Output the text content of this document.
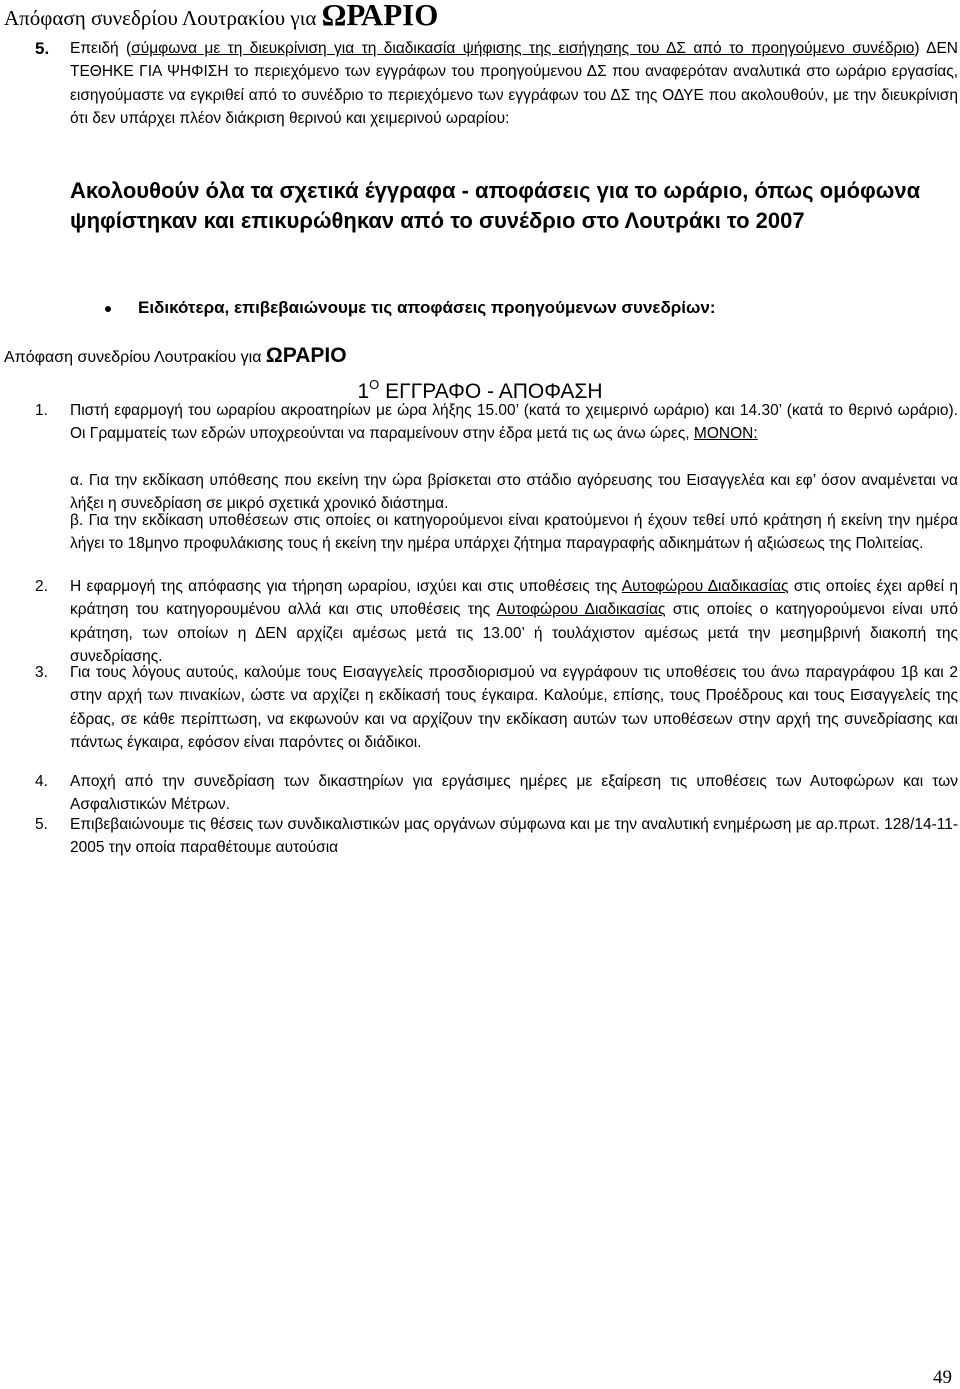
Απόφαση συνεδρίου Λουτρακίου για ΩΡΑΡΙΟ
5. Επειδή (σύμφωνα με τη διευκρίνιση για τη διαδικασία ψήφισης της εισήγησης του ΔΣ από το προηγούμενο συνέδριο) ΔΕΝ ΤΕΘΗΚΕ ΓΙΑ ΨΗΦΙΣΗ το περιεχόμενο των εγγράφων του προηγούμενου ΔΣ που αναφερόταν αναλυτικά στο ωράριο εργασίας, εισηγούμαστε να εγκριθεί από το συνέδριο το περιεχόμενο των εγγράφων του ΔΣ της ΟΔΥΕ που ακολουθούν, με την διευκρίνιση ότι δεν υπάρχει πλέον διάκριση θερινού και χειμερινού ωραρίου:
Ακολουθούν όλα τα σχετικά έγγραφα - αποφάσεις για το ωράριο, όπως ομόφωνα ψηφίστηκαν και επικυρώθηκαν από το συνέδριο στο Λουτράκι το 2007
Ειδικότερα, επιβεβαιώνουμε τις αποφάσεις προηγούμενων συνεδρίων:
Απόφαση συνεδρίου Λουτρακίου για ΩΡΑΡΙΟ
$1^O$ ΕΓΓΡΑΦΟ - ΑΠΟΦΑΣΗ
1. Πιστή εφαρμογή του ωραρίου ακροατηρίων με ώρα λήξης 15.00’ (κατά το χειμερινό ωράριο) και 14.30’ (κατά το θερινό ωράριο). Οι Γραμματείς των εδρών υποχρεούνται να παραμείνουν στην έδρα μετά τις ως άνω ώρες, ΜΟΝΟΝ:
α. Για την εκδίκαση υπόθεσης που εκείνη την ώρα βρίσκεται στο στάδιο αγόρευσης του Εισαγγελέα και εφ’ όσον αναμένεται να λήξει η συνεδρίαση σε μικρό σχετικά χρονικό διάστημα.
β. Για την εκδίκαση υποθέσεων στις οποίες οι κατηγορούμενοι είναι κρατούμενοι ή έχουν τεθεί υπό κράτηση ή εκείνη την ημέρα λήγει το 18μηνο προφυλάκισης τους ή εκείνη την ημέρα υπάρχει ζήτημα παραγραφής αδικημάτων ή αξιώσεως της Πολιτείας.
2. Η εφαρμογή της απόφασης για τήρηση ωραρίου, ισχύει και στις υποθέσεις της Αυτοφώρου Διαδικασίας στις οποίες έχει αρθεί η κράτηση του κατηγορουμένου αλλά και στις υποθέσεις της Αυτοφώρου Διαδικασίας στις οποίες ο κατηγορούμενοι είναι υπό κράτηση, των οποίων η ΔΕΝ αρχίζει αμέσως μετά τις 13.00’ ή τουλάχιστον αμέσως μετά την μεσημβρινή διακοπή της συνεδρίασης.
3. Για τους λόγους αυτούς, καλούμε τους Εισαγγελείς προσδιορισμού να εγγράφουν τις υποθέσεις του άνω παραγράφου 1β και 2 στην αρχή των πινακίων, ώστε να αρχίζει η εκδίκασή τους έγκαιρα. Καλούμε, επίσης, τους Προέδρους και τους Εισαγγελείς της έδρας, σε κάθε περίπτωση, να εκφωνούν και να αρχίζουν την εκδίκαση αυτών των υποθέσεων στην αρχή της συνεδρίασης και πάντως έγκαιρα, εφόσον είναι παρόντες οι διάδικοι.
4. Αποχή από την συνεδρίαση των δικαστηρίων για εργάσιμες ημέρες με εξαίρεση τις υποθέσεις των Αυτοφώρων και των Ασφαλιστικών Μέτρων.
5. Επιβεβαιώνουμε τις θέσεις των συνδικαλιστικών μας οργάνων σύμφωνα και με την αναλυτική ενημέρωση με αρ.πρωτ. 128/14-11-2005 την οποία παραθέτουμε αυτούσια
49
